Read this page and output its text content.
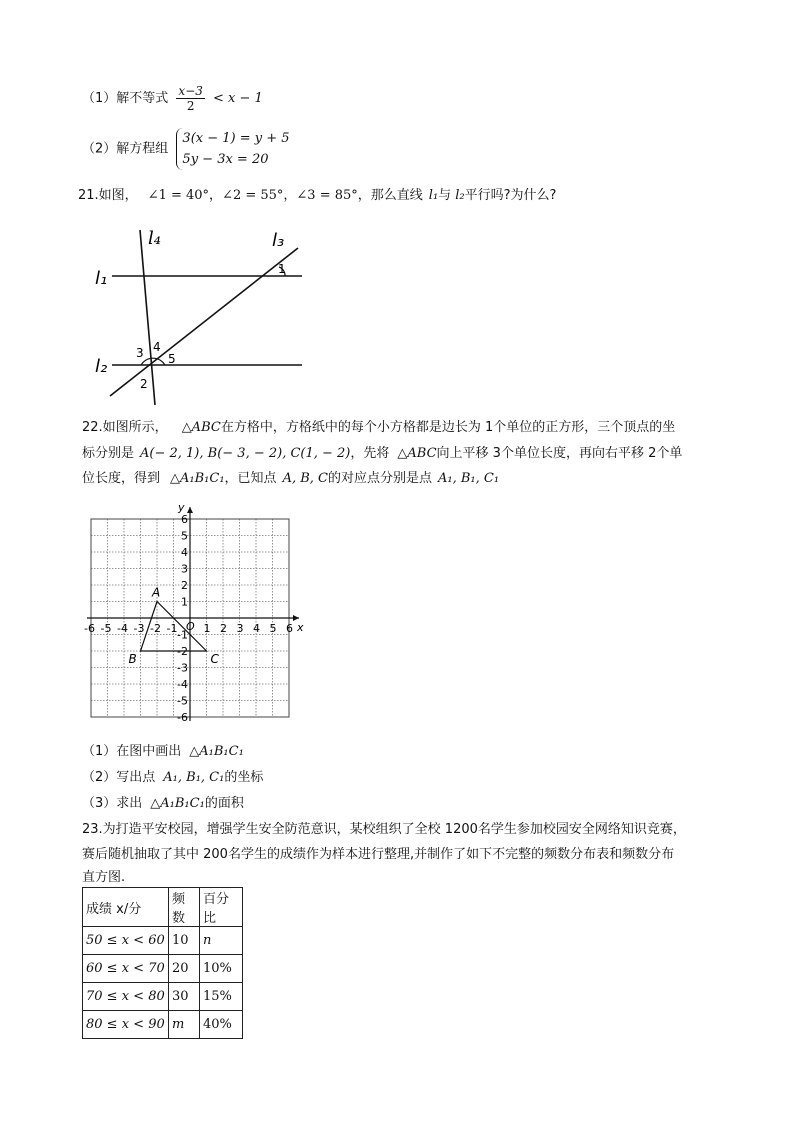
（1）解不等式 $\frac{x-3}{2} < x - 1$
（2）解方程组
3(x − 1) = y + 5
5y − 3x = 20
21.如图， ∠1 = 40°，∠2 = 55°，∠3 = 85°，那么直线 l₁与 l₂平行吗?为什么?
l₄
l₁
l₂
l₃
1
2
3 4
5
22.如图所示， △ABC在方格中，方格纸中的每个小方格都是边长为 1个单位的正方形，三个顶点的坐
标分别是 A(− 2, 1), B(− 3, − 2), C(1, − 2)，先将 △ABC向上平移 3个单位长度，再向右平移 2个单
位长度，得到 △A₁B₁C₁，已知点 A, B, C的对应点分别是点 A₁, B₁, C₁
-6 -5 -4 -3 -2 -1 1 2 3 4 5 6
6
5
4
3
2
1
-1
-2
-3
-4
-5
-6
x
y
O
A
B	C
（1）在图中画出 △A₁B₁C₁
（2）写出点 A₁, B₁, C₁的坐标
（3）求出 △A₁B₁C₁的面积
23.为打造平安校园，增强学生安全防范意识，某校组织了全校 1200名学生参加校园安全网络知识竞赛，
赛后随机抽取了其中 200名学生的成绩作为样本进行整理,并制作了如下不完整的频数分布表和频数分布
直方图.
成绩 x/分	频数	百分比
50 ≤ x < 60	10	n
60 ≤ x < 70	20	10%
70 ≤ x < 80	30	15%
80 ≤ x < 90	m	40%
